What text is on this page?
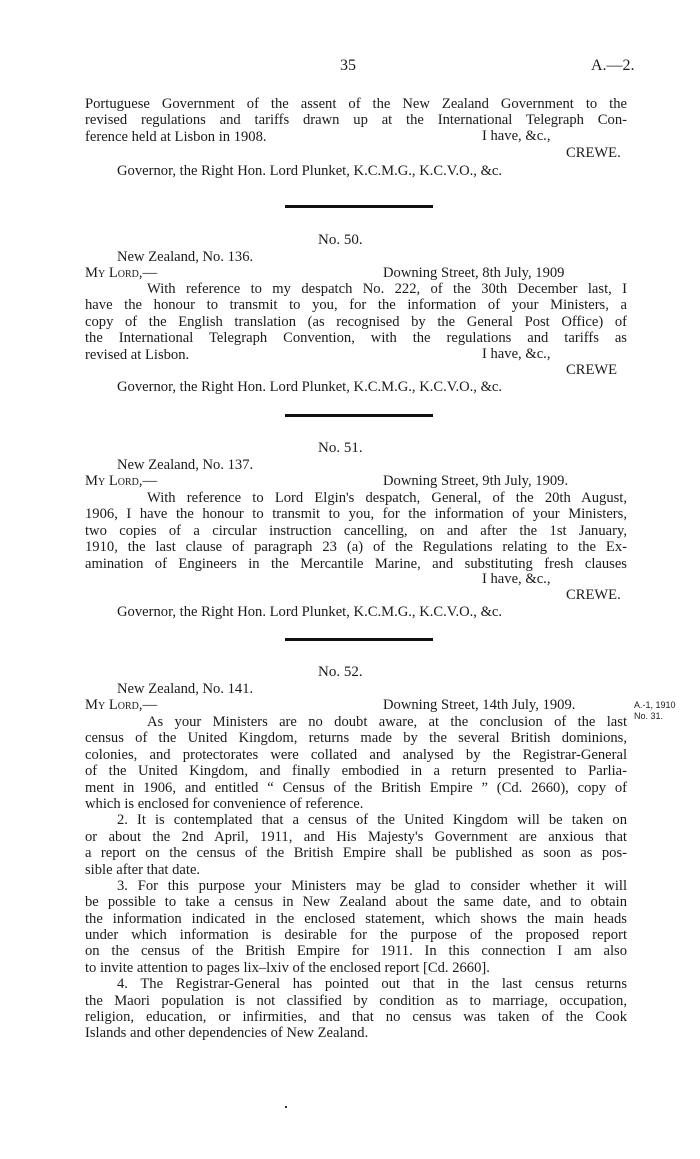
35	A.—2.
Portuguese Government of the assent of the New Zealand Government to the
revised regulations and tariffs drawn up at the International Telegraph Con-
ference held at Lisbon in 1908.	I have, &c.,
CREWE.
Governor, the Right Hon. Lord Plunket, K.C.M.G., K.C.V.O., &c.
No. 50.
New Zealand, No. 136.
My Lord,—	Downing Street, 8th July, 1909
With reference to my despatch No. 222, of the 30th December last, I
have the honour to transmit to you, for the information of your Ministers, a
copy of the English translation (as recognised by the General Post Office) of
the International Telegraph Convention, with the regulations and tariffs as
revised at Lisbon.	I have, &c.,
CREWE
Governor, the Right Hon. Lord Plunket, K.C.M.G., K.C.V.O., &c.
No. 51.
New Zealand, No. 137.
My Lord,—	Downing Street, 9th July, 1909.
With reference to Lord Elgin's despatch, General, of the 20th August,
1906, I have the honour to transmit to you, for the information of your Ministers,
two copies of a circular instruction cancelling, on and after the 1st January,
1910, the last clause of paragraph 23 (a) of the Regulations relating to the Ex-
amination of Engineers in the Mercantile Marine, and substituting fresh clauses
I have, &c.,
CREWE.
Governor, the Right Hon. Lord Plunket, K.C.M.G., K.C.V.O., &c.
No. 52.
New Zealand, No. 141.
My Lord,—	Downing Street, 14th July, 1909.	A.-1, 1910
No. 31.
As your Ministers are no doubt aware, at the conclusion of the last
census of the United Kingdom, returns made by the several British dominions,
colonies, and protectorates were collated and analysed by the Registrar-General
of the United Kingdom, and finally embodied in a return presented to Parlia-
ment in 1906, and entitled “ Census of the British Empire ” (Cd. 2660), copy of
which is enclosed for convenience of reference.
2. It is contemplated that a census of the United Kingdom will be taken on
or about the 2nd April, 1911, and His Majesty's Government are anxious that
a report on the census of the British Empire shall be published as soon as pos-
sible after that date.
3. For this purpose your Ministers may be glad to consider whether it will
be possible to take a census in New Zealand about the same date, and to obtain
the information indicated in the enclosed statement, which shows the main heads
under which information is desirable for the purpose of the proposed report
on the census of the British Empire for 1911. In this connection I am also
to invite attention to pages lix–lxiv of the enclosed report [Cd. 2660].
4. The Registrar-General has pointed out that in the last census returns
the Maori population is not classified by condition as to marriage, occupation,
religion, education, or infirmities, and that no census was taken of the Cook
Islands and other dependencies of New Zealand.
